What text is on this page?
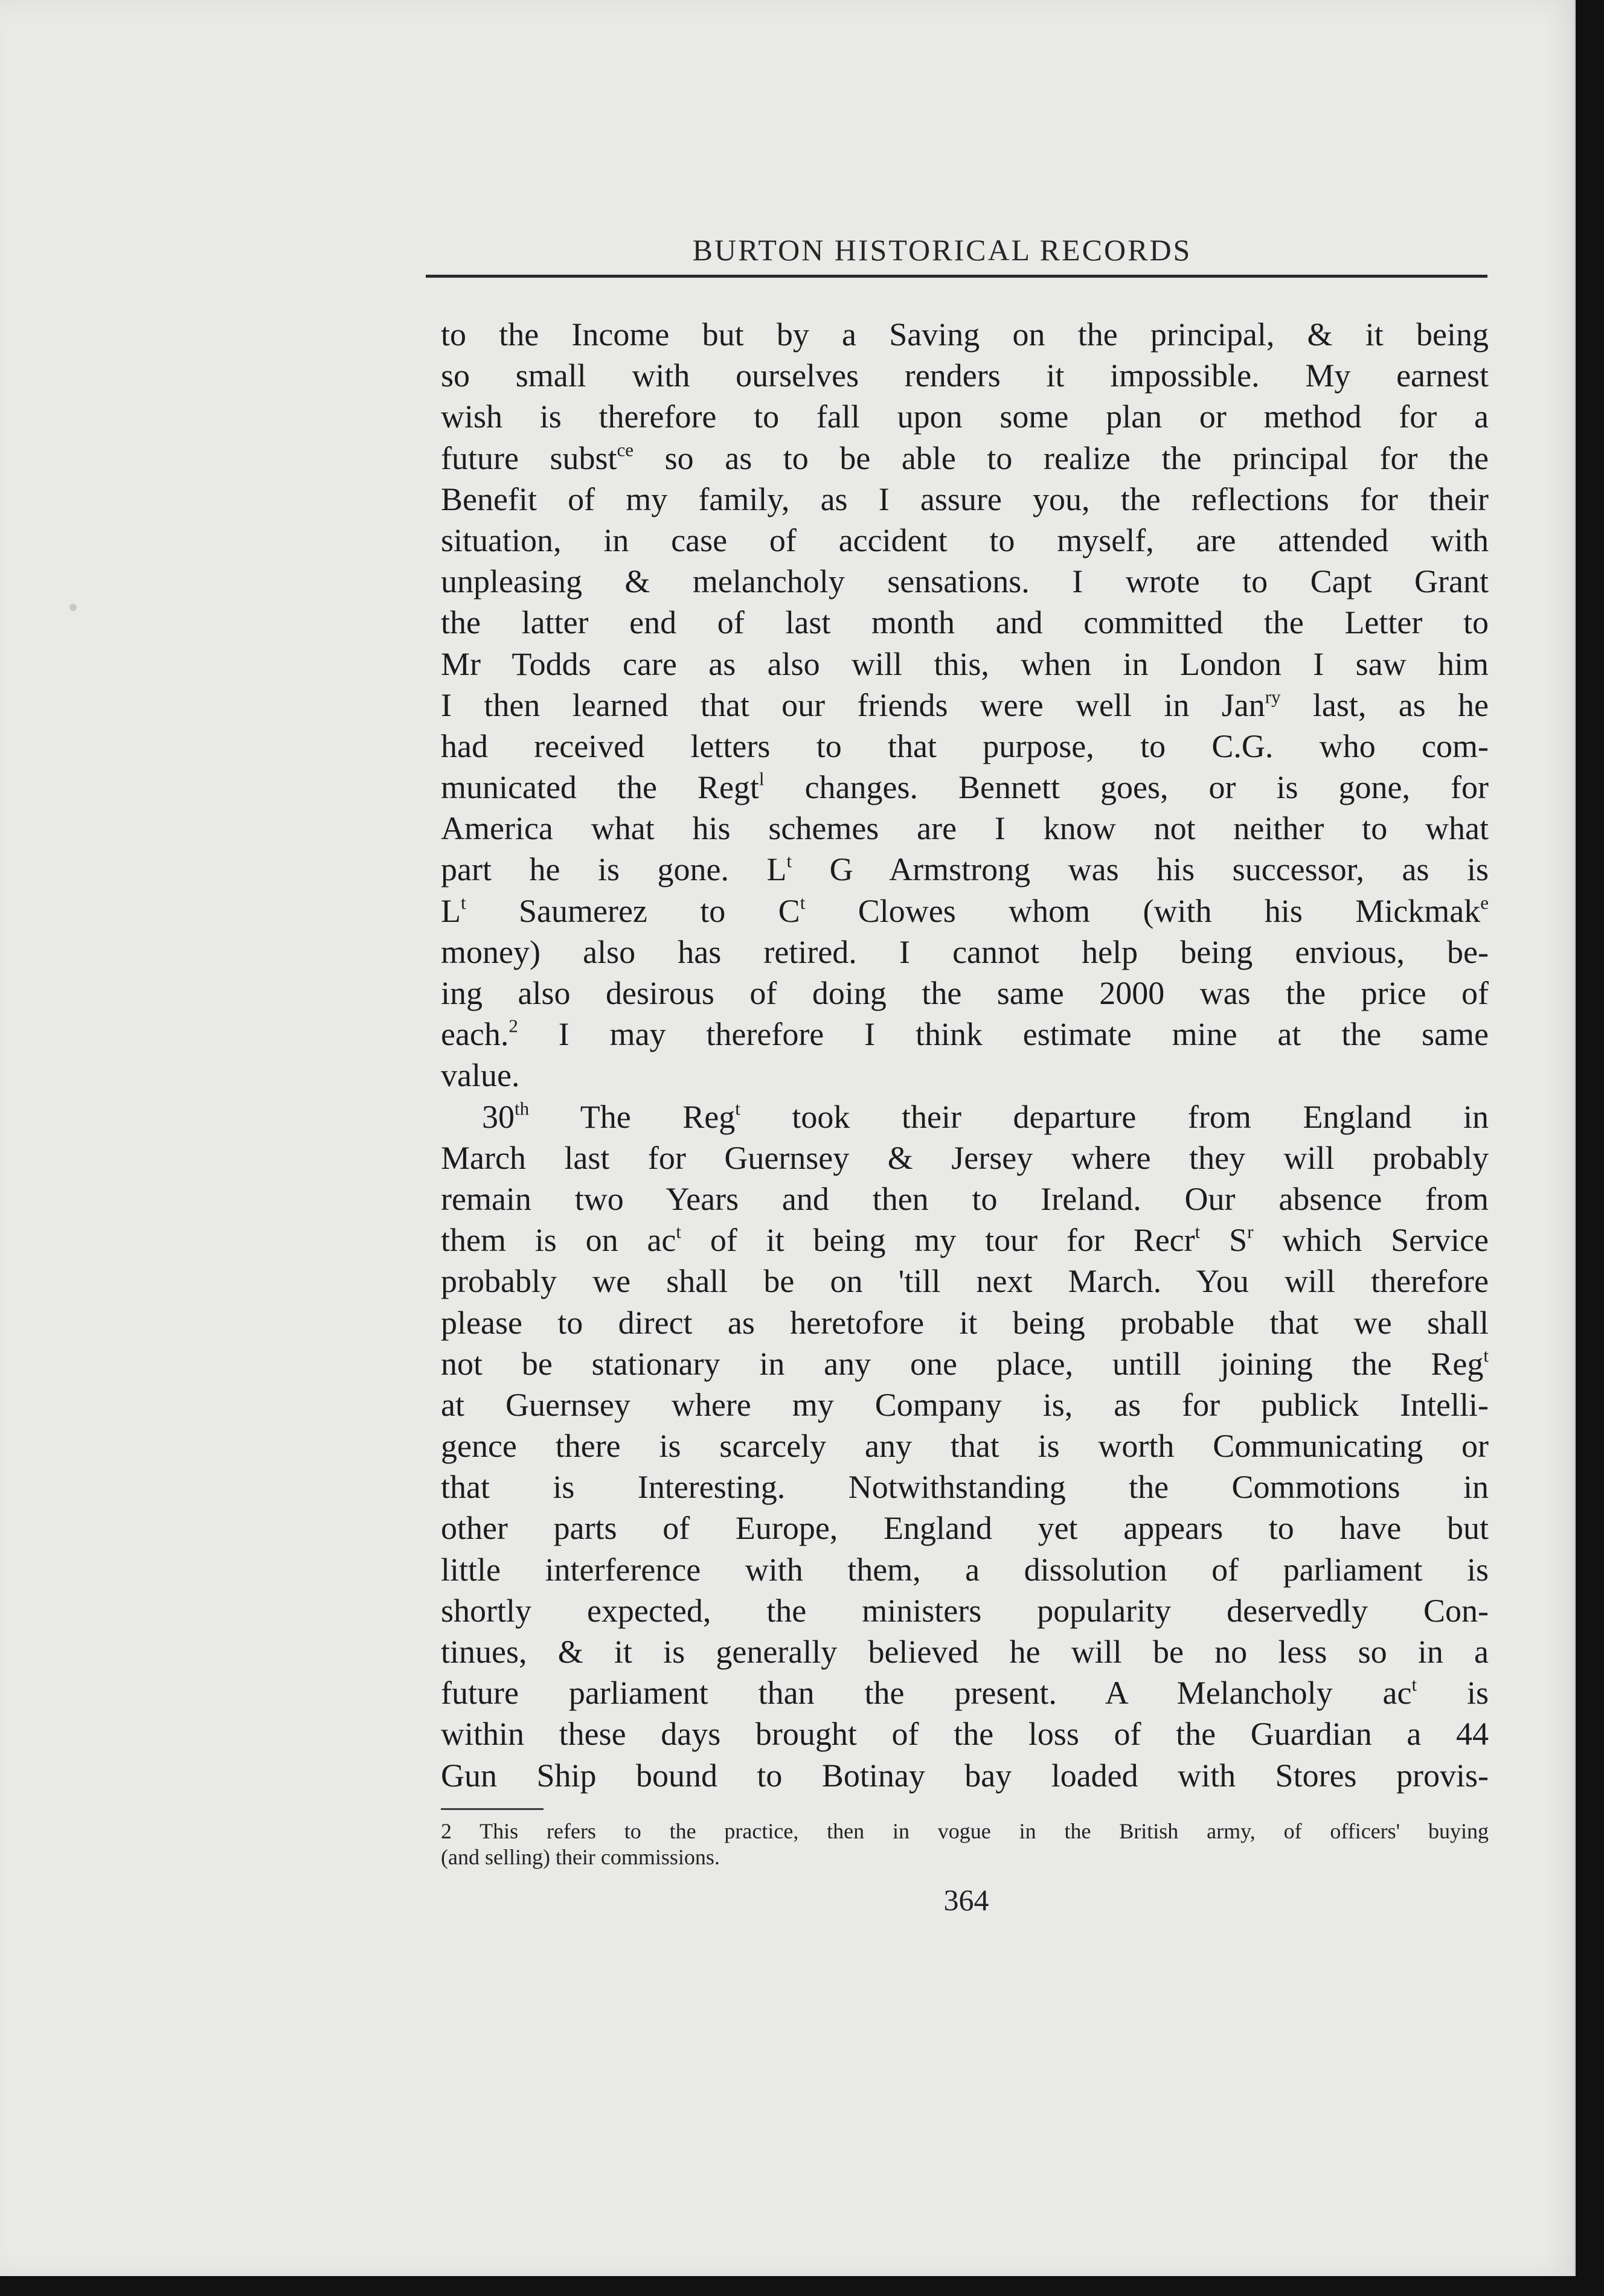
BURTON HISTORICAL RECORDS
to the Income but by a Saving on the principal, & it being
so small with ourselves renders it impossible. My earnest
wish is therefore to fall upon some plan or method for a
future subst$^{ce}$ so as to be able to realize the principal for the
Benefit of my family, as I assure you, the reflections for their
situation, in case of accident to myself, are attended with
unpleasing & melancholy sensations. I wrote to Capt Grant
the latter end of last month and committed the Letter to
Mr Todds care as also will this, when in London I saw him
I then learned that our friends were well in Jan$^{ry}$ last, as he
had received letters to that purpose, to C.G. who com-
municated the Regt$^l$ changes. Bennett goes, or is gone, for
America what his schemes are I know not neither to what
part he is gone. $L^t$ G Armstrong was his successor, as is
$L^t$ Saumerez to $C^t$ Clowes whom (with his Mickmak$^e$
money) also has retired. I cannot help being envious, be-
ing also desirous of doing the same 2000 was the price of
each.$^2$ I may therefore I think estimate mine at the same
value.
30th The Reg$^t$ took their departure from England in
March last for Guernsey & Jersey where they will probably
remain two Years and then to Ireland. Our absence from
them is on $ac^t$ of it being my tour for Recr$^t$ $S^r$ which Service
probably we shall be on 'till next March. You will therefore
please to direct as heretofore it being probable that we shall
not be stationary in any one place, untill joining the Reg$^t$
at Guernsey where my Company is, as for publick Intelli-
gence there is scarcely any that is worth Communicating or
that is Interesting. Notwithstanding the Commotions in
other parts of Europe, England yet appears to have but
little interference with them, a dissolution of parliament is
shortly expected, the ministers popularity deservedly Con-
tinues, & it is generally believed he will be no less so in a
future parliament than the present. A Melancholy $ac^t$ is
within these days brought of the loss of the Guardian a 44
Gun Ship bound to Botinay bay loaded with Stores provis-
2 This refers to the practice, then in vogue in the British army, of officers' buying
(and selling) their commissions.
364
